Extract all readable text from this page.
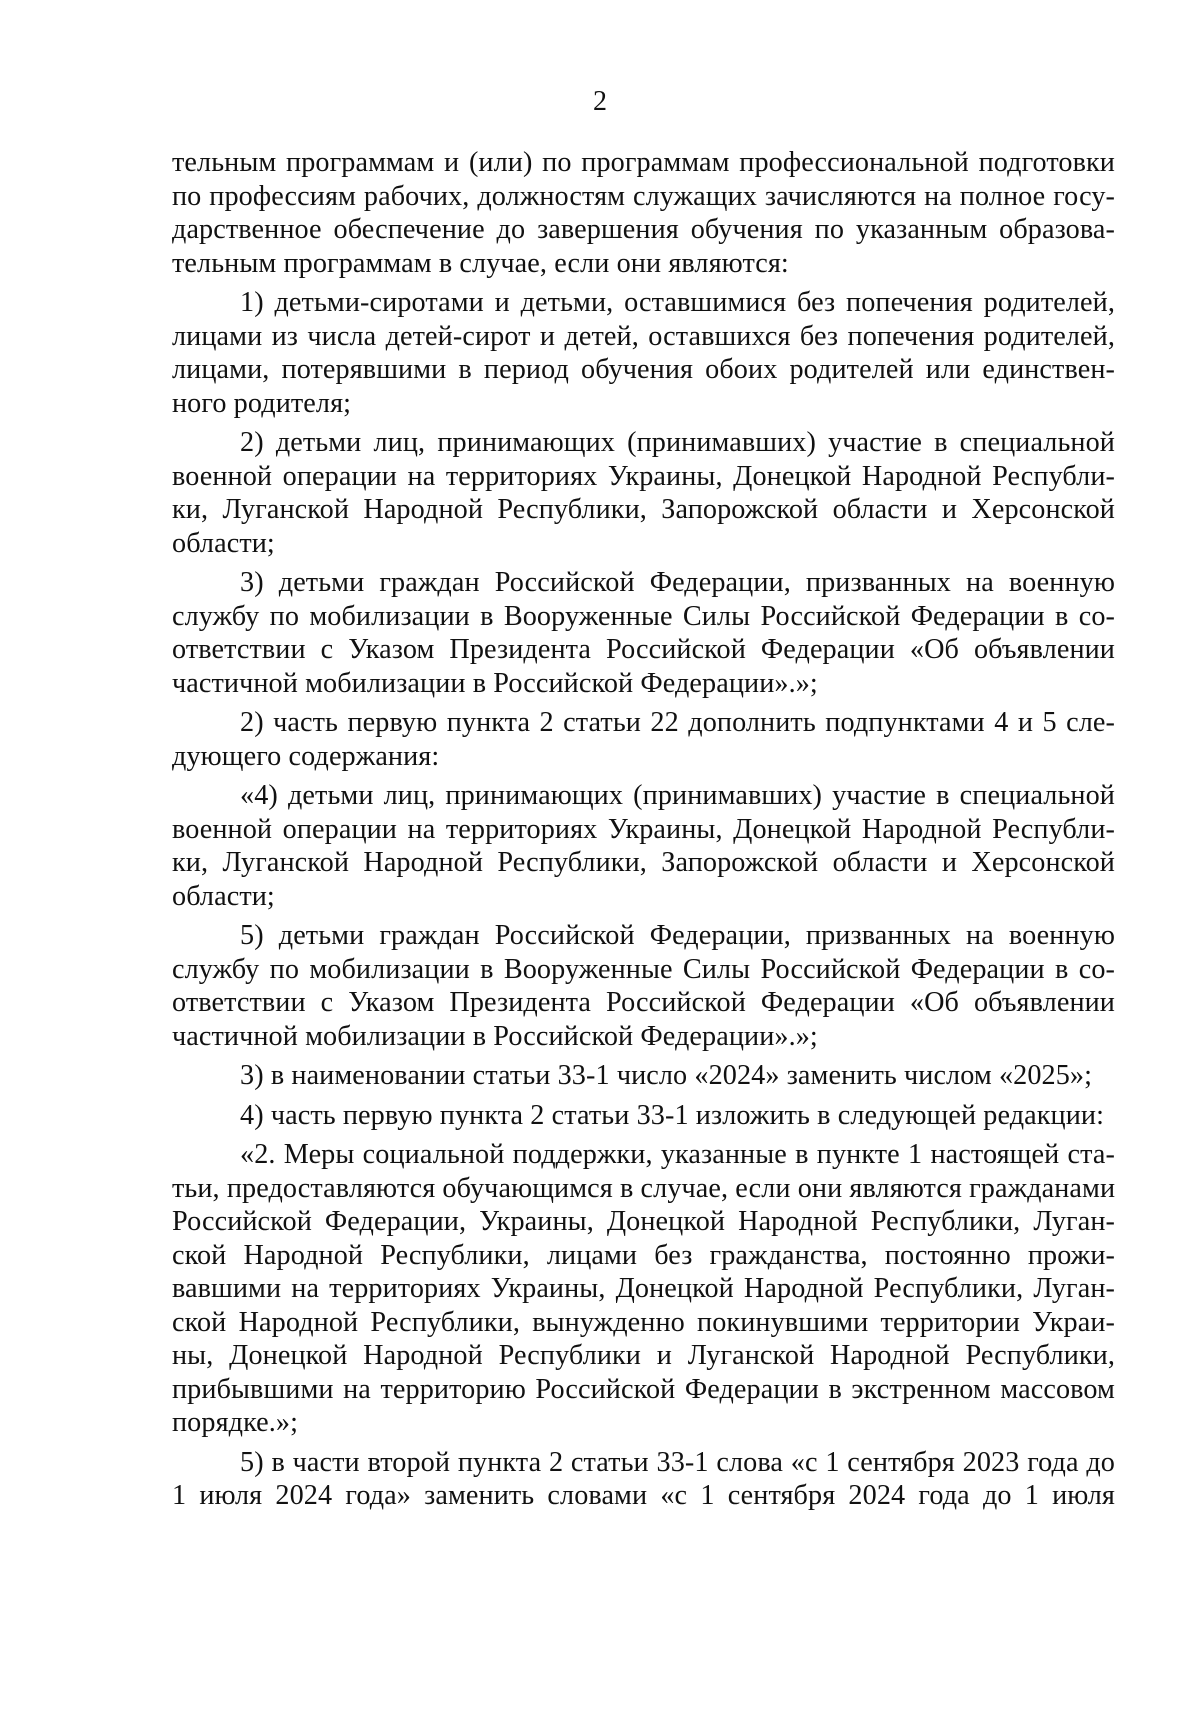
2
тельным программам и (или) по программам профессиональной подготовки
по профессиям рабочих, должностям служащих зачисляются на полное госу-
дарственное обеспечение до завершения обучения по указанным образова-
тельным программам в случае, если они являются:
1) детьми-сиротами и детьми, оставшимися без попечения родителей,
лицами из числа детей-сирот и детей, оставшихся без попечения родителей,
лицами, потерявшими в период обучения обоих родителей или единствен-
ного родителя;
2) детьми лиц, принимающих (принимавших) участие в специальной
военной операции на территориях Украины, Донецкой Народной Республи-
ки, Луганской Народной Республики, Запорожской области и Херсонской
области;
3) детьми граждан Российской Федерации, призванных на военную
службу по мобилизации в Вооруженные Силы Российской Федерации в со-
ответствии с Указом Президента Российской Федерации «Об объявлении
частичной мобилизации в Российской Федерации».»;
2) часть первую пункта 2 статьи 22 дополнить подпунктами 4 и 5 сле-
дующего содержания:
«4) детьми лиц, принимающих (принимавших) участие в специальной
военной операции на территориях Украины, Донецкой Народной Республи-
ки, Луганской Народной Республики, Запорожской области и Херсонской
области;
5) детьми граждан Российской Федерации, призванных на военную
службу по мобилизации в Вооруженные Силы Российской Федерации в со-
ответствии с Указом Президента Российской Федерации «Об объявлении
частичной мобилизации в Российской Федерации».»;
3) в наименовании статьи 33-1 число «2024» заменить числом «2025»;
4) часть первую пункта 2 статьи 33-1 изложить в следующей редакции:
«2. Меры социальной поддержки, указанные в пункте 1 настоящей ста-
тьи, предоставляются обучающимся в случае, если они являются гражданами
Российской Федерации, Украины, Донецкой Народной Республики, Луган-
ской Народной Республики, лицами без гражданства, постоянно прожи-
вавшими на территориях Украины, Донецкой Народной Республики, Луган-
ской Народной Республики, вынужденно покинувшими территории Украи-
ны, Донецкой Народной Республики и Луганской Народной Республики,
прибывшими на территорию Российской Федерации в экстренном массовом
порядке.»;
5) в части второй пункта 2 статьи 33-1 слова «с 1 сентября 2023 года до
1 июля 2024 года» заменить словами «с 1 сентября 2024 года до 1 июля
